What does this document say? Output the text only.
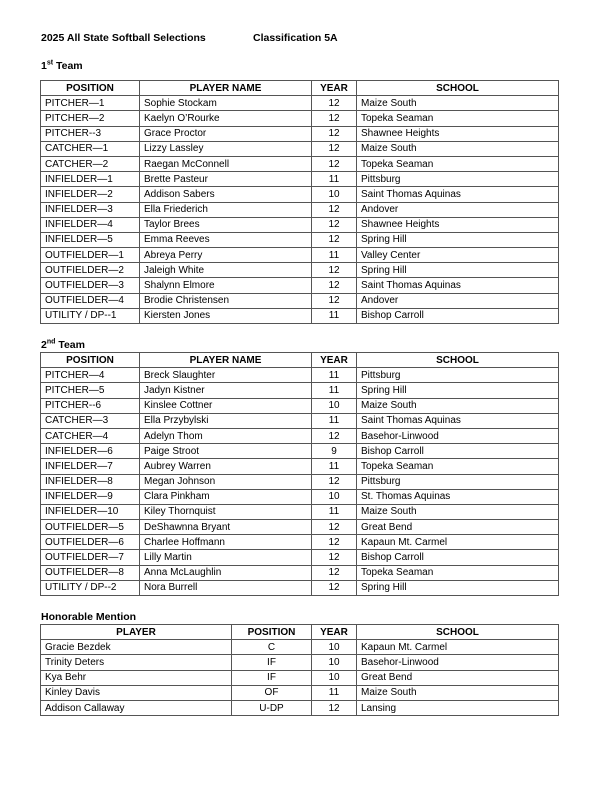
2025 All State Softball Selections	Classification 5A
1st Team
POSITION	PLAYER NAME	YEAR	SCHOOL
PITCHER—1	Sophie Stockam	12	Maize South
PITCHER—2	Kaelyn O’Rourke	12	Topeka Seaman
PITCHER--3	Grace Proctor	12	Shawnee Heights
CATCHER—1	Lizzy Lassley	12	Maize South
CATCHER—2	Raegan McConnell	12	Topeka Seaman
INFIELDER—1	Brette Pasteur	11	Pittsburg
INFIELDER—2	Addison Sabers	10	Saint Thomas Aquinas
INFIELDER—3	Ella Friederich	12	Andover
INFIELDER—4	Taylor Brees	12	Shawnee Heights
INFIELDER—5	Emma Reeves	12	Spring Hill
OUTFIELDER—1	Abreya Perry	11	Valley Center
OUTFIELDER—2	Jaleigh White	12	Spring Hill
OUTFIELDER—3	Shalynn Elmore	12	Saint Thomas Aquinas
OUTFIELDER—4	Brodie Christensen	12	Andover
UTILITY / DP--1	Kiersten Jones	11	Bishop Carroll
2nd Team
POSITION	PLAYER NAME	YEAR	SCHOOL
PITCHER—4	Breck Slaughter	11	Pittsburg
PITCHER—5	Jadyn Kistner	11	Spring Hill
PITCHER--6	Kinslee Cottner	10	Maize South
CATCHER—3	Ella Przybylski	11	Saint Thomas Aquinas
CATCHER—4	Adelyn Thom	12	Basehor-Linwood
INFIELDER—6	Paige Stroot	9	Bishop Carroll
INFIELDER—7	Aubrey Warren	11	Topeka Seaman
INFIELDER—8	Megan Johnson	12	Pittsburg
INFIELDER—9	Clara Pinkham	10	St. Thomas Aquinas
INFIELDER—10	Kiley Thornquist	11	Maize South
OUTFIELDER—5	DeShawnna Bryant	12	Great Bend
OUTFIELDER—6	Charlee Hoffmann	12	Kapaun Mt. Carmel
OUTFIELDER—7	Lilly Martin	12	Bishop Carroll
OUTFIELDER—8	Anna McLaughlin	12	Topeka Seaman
UTILITY / DP--2	Nora Burrell	12	Spring Hill
Honorable Mention
PLAYER	POSITION	YEAR	SCHOOL
Gracie Bezdek	C	10	Kapaun Mt. Carmel
Trinity Deters	IF	10	Basehor-Linwood
Kya Behr	IF	10	Great Bend
Kinley Davis	OF	11	Maize South
Addison Callaway	U-DP	12	Lansing
